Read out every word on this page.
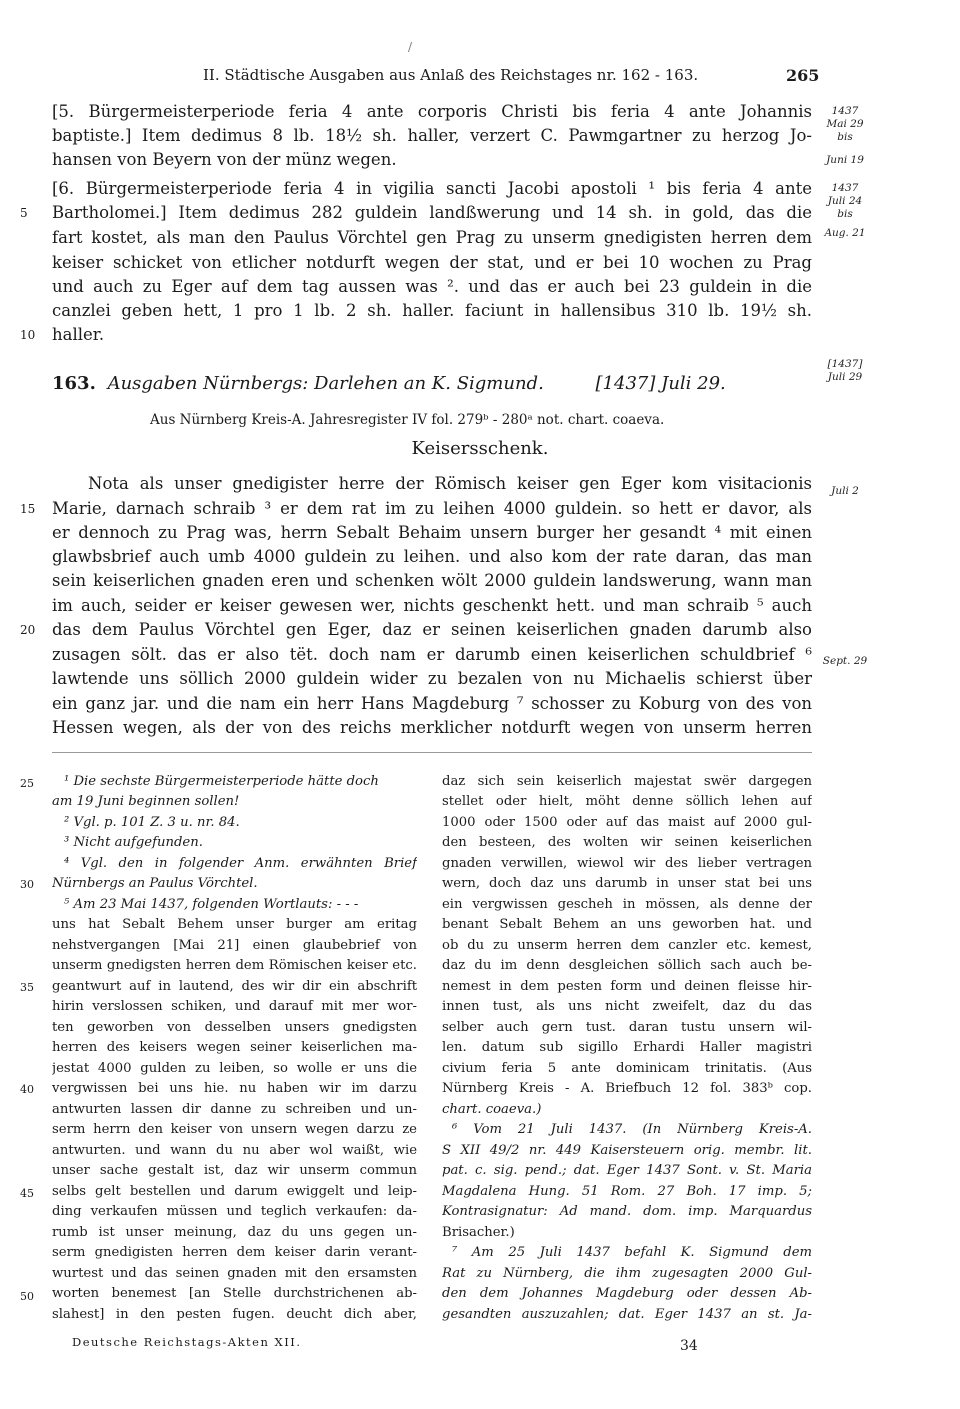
/
II. Städtische Ausgaben aus Anlaß des Reichstages nr. 162 - 163.	265
[5. Bürgermeisterperiode feria 4 ante corporis Christi bis feria 4 ante Johannis
baptiste.] Item dedimus 8 lb. 18½ sh. haller, verzert C. Pawmgartner zu herzog Jo-
hansen von Beyern von der münz wegen.
[6. Bürgermeisterperiode feria 4 in vigilia sancti Jacobi apostoli ¹ bis feria 4 ante
Bartholomei.] Item dedimus 282 guldein landßwerung und 14 sh. in gold, das die
fart kostet, als man den Paulus Vörchtel gen Prag zu unserm gnedigisten herren dem
keiser schicket von etlicher notdurft wegen der stat, und er bei 10 wochen zu Prag
und auch zu Eger auf dem tag aussen was ². und das er auch bei 23 guldein in die
canzlei geben hett, 1 pro 1 lb. 2 sh. haller. faciunt in hallensibus 310 lb. 19½ sh.
haller.
5
10
1437
Mai 29
bis
Juni 19
1437
Juli 24
bis
Aug. 21
[1437]
Juli 29
Juli 2
Sept. 29
163. Ausgaben Nürnbergs: Darlehen an K. Sigmund.	[1437] Juli 29.
Aus Nürnberg Kreis-A. Jahresregister IV fol. 279ᵇ - 280ᵃ not. chart. coaeva.
Keisersschenk.
Nota als unser gnedigister herre der Römisch keiser gen Eger kom visitacionis
Marie, darnach schraib ³ er dem rat im zu leihen 4000 guldein. so hett er davor, als
er dennoch zu Prag was, herrn Sebalt Behaim unsern burger her gesandt ⁴ mit einen
glawbsbrief auch umb 4000 guldein zu leihen. und also kom der rate daran, das man
sein keiserlichen gnaden eren und schenken wölt 2000 guldein landswerung, wann man
im auch, seider er keiser gewesen wer, nichts geschenkt hett. und man schraib ⁵ auch
das dem Paulus Vörchtel gen Eger, daz er seinen keiserlichen gnaden darumb also
zusagen sölt. das er also tët. doch nam er darumb einen keiserlichen schuldbrief ⁶
lawtende uns söllich 2000 guldein wider zu bezalen von nu Michaelis schierst über
ein ganz jar. und die nam ein herr Hans Magdeburg ⁷ schosser zu Koburg von des von
Hessen wegen, als der von des reichs merklicher notdurft wegen von unserm herren
15
20
25
30
35
40
45
50
¹ Die sechste Bürgermeisterperiode hätte doch
am 19 Juni beginnen sollen!
² Vgl. p. 101 Z. 3 u. nr. 84.
³ Nicht aufgefunden.
⁴ Vgl. den in folgender Anm. erwähnten Brief
Nürnbergs an Paulus Vörchtel.
⁵ Am 23 Mai 1437, folgenden Wortlauts: - - -
uns hat Sebalt Behem unser burger am eritag
nehstvergangen [Mai 21] einen glaubebrief von
unserm gnedigsten herren dem Römischen keiser etc.
geantwurt auf in lautend, des wir dir ein abschrift
hirin verslossen schiken, und darauf mit mer wor-
ten geworben von desselben unsers gnedigsten
herren des keisers wegen seiner keiserlichen ma-
jestat 4000 gulden zu leiben, so wolle er uns die
vergwissen bei uns hie. nu haben wir im darzu
antwurten lassen dir danne zu schreiben und un-
serm herrn den keiser von unsern wegen darzu ze
antwurten. und wann du nu aber wol waißt, wie
unser sache gestalt ist, daz wir unserm commun
selbs gelt bestellen und darum ewiggelt und leip-
ding verkaufen müssen und teglich verkaufen: da-
rumb ist unser meinung, daz du uns gegen un-
serm gnedigisten herren dem keiser darin verant-
wurtest und das seinen gnaden mit den ersamsten
worten benemest [an Stelle durchstrichenen ab-
slahest] in den pesten fugen. deucht dich aber,
daz sich sein keiserlich majestat swër dargegen
stellet oder hielt, möht denne söllich lehen auf
1000 oder 1500 oder auf das maist auf 2000 gul-
den besteen, des wolten wir seinen keiserlichen
gnaden verwillen, wiewol wir des lieber vertragen
wern, doch daz uns darumb in unser stat bei uns
ein vergwissen gescheh in mössen, als denne der
benant Sebalt Behem an uns geworben hat. und
ob du zu unserm herren dem canzler etc. kemest,
daz du im denn desgleichen söllich sach auch be-
nemest in dem pesten form und deinen fleisse hir-
innen tust, als uns nicht zweifelt, daz du das
selber auch gern tust. daran tustu unsern wil-
len. datum sub sigillo Erhardi Haller magistri
civium feria 5 ante dominicam trinitatis. (Aus
Nürnberg Kreis - A. Briefbuch 12 fol. 383ᵇ cop.
chart. coaeva.)
⁶ Vom 21 Juli 1437. (In Nürnberg Kreis-A.
S XII 49/2 nr. 449 Kaisersteuern orig. membr. lit.
pat. c. sig. pend.; dat. Eger 1437 Sont. v. St. Maria
Magdalena Hung. 51 Rom. 27 Boh. 17 imp. 5;
Kontrasignatur: Ad mand. dom. imp. Marquardus
Brisacher.)
⁷ Am 25 Juli 1437 befahl K. Sigmund dem
Rat zu Nürnberg, die ihm zugesagten 2000 Gul-
den dem Johannes Magdeburg oder dessen Ab-
gesandten auszuzahlen; dat. Eger 1437 an st. Ja-
Deutsche Reichstags-Akten XII.	34
